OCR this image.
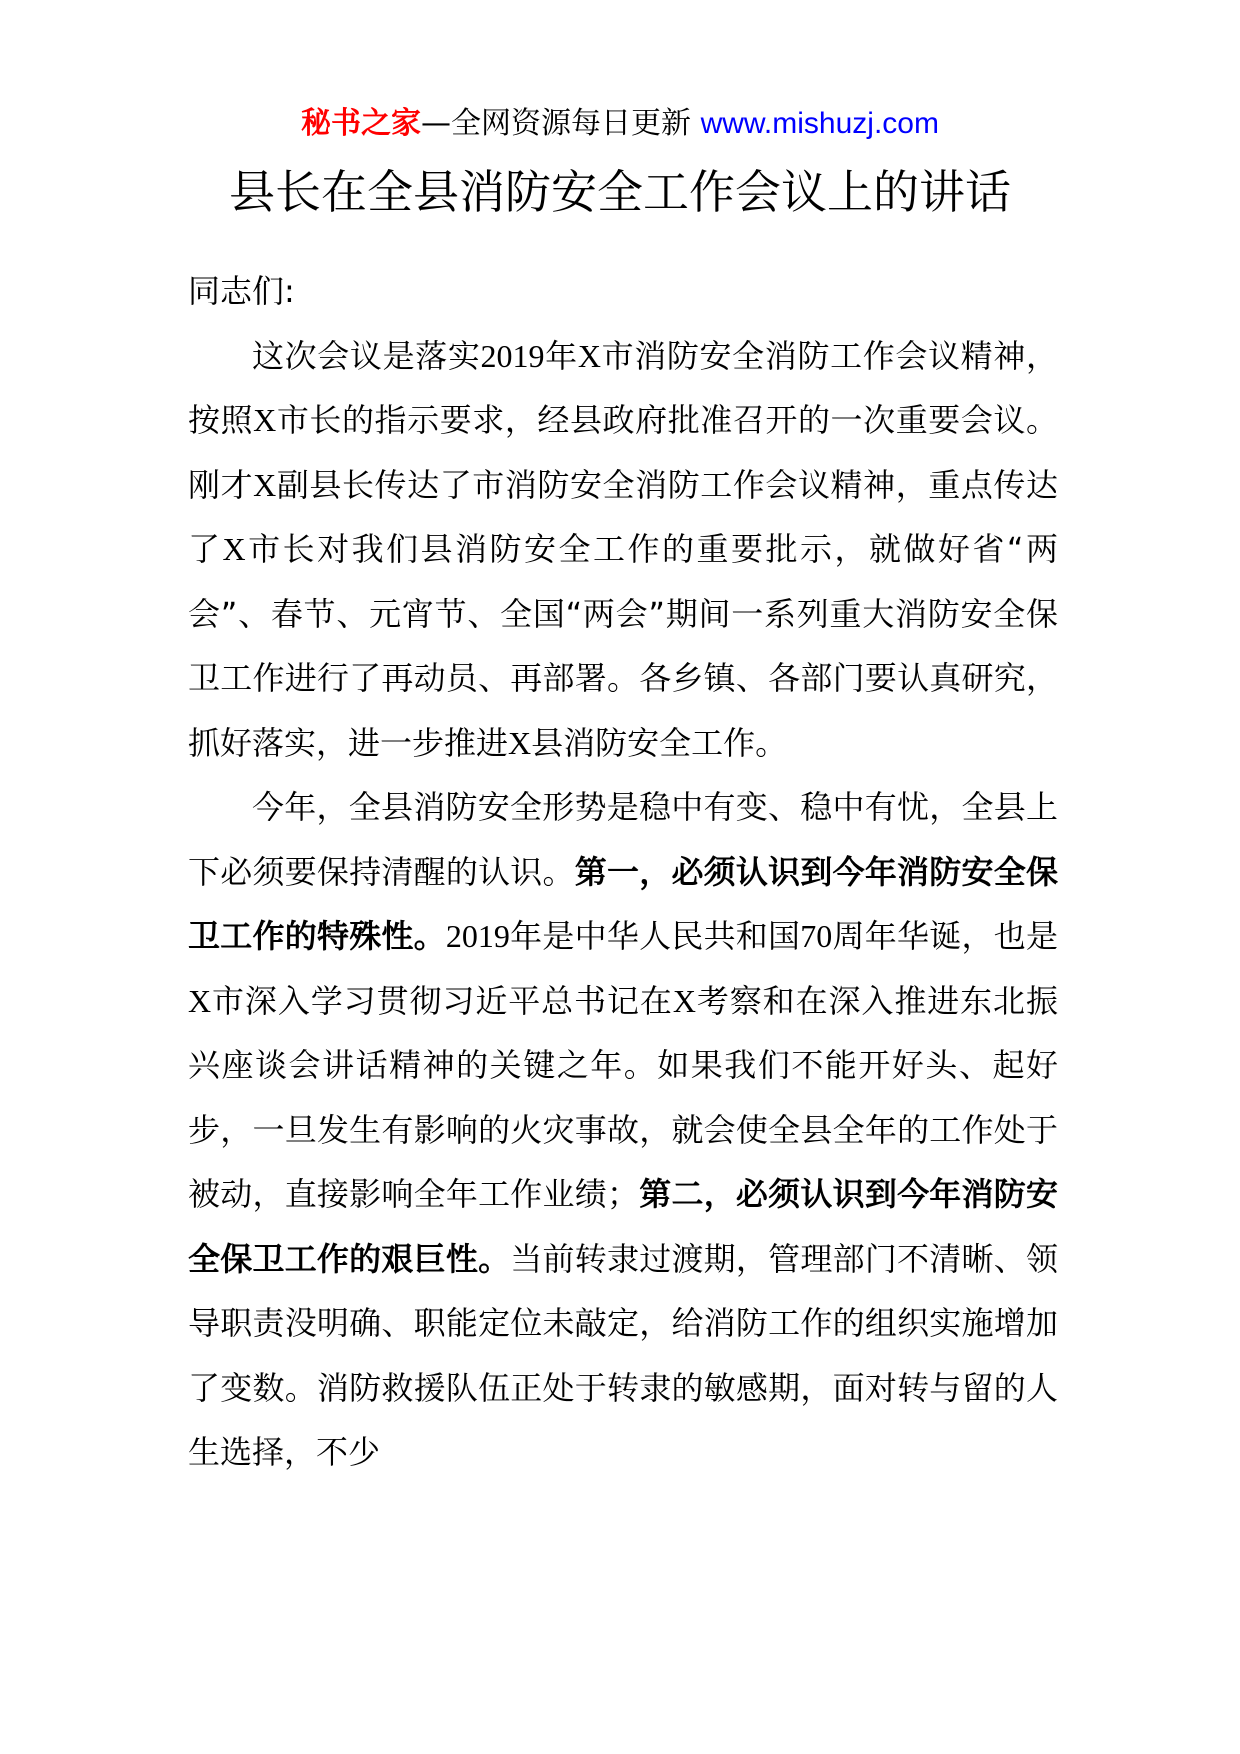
秘书之家—全网资源每日更新 www.mishuzj.com
县长在全县消防安全工作会议上的讲话

同志们:

这次会议是落实2019年X市消防安全消防工作会议精神，按照X市长的指示要求，经县政府批准召开的一次重要会议。刚才X副县长传达了市消防安全消防工作会议精神，重点传达了X市长对我们县消防安全工作的重要批示，就做好省“两会”、春节、元宵节、全国“两会”期间一系列重大消防安全保卫工作进行了再动员、再部署。各乡镇、各部门要认真研究，抓好落实，进一步推进X县消防安全工作。

今年，全县消防安全形势是稳中有变、稳中有忧，全县上下必须要保持清醒的认识。第一，必须认识到今年消防安全保卫工作的特殊性。2019年是中华人民共和国70周年华诞，也是X市深入学习贯彻习近平总书记在X考察和在深入推进东北振兴座谈会讲话精神的关键之年。如果我们不能开好头、起好步，一旦发生有影响的火灾事故，就会使全县全年的工作处于被动，直接影响全年工作业绩；第二，必须认识到今年消防安全保卫工作的艰巨性。当前转隶过渡期，管理部门不清晰、领导职责没明确、职能定位未敲定，给消防工作的组织实施增加了变数。消防救援队伍正处于转隶的敏感期，面对转与留的人生选择，不少
